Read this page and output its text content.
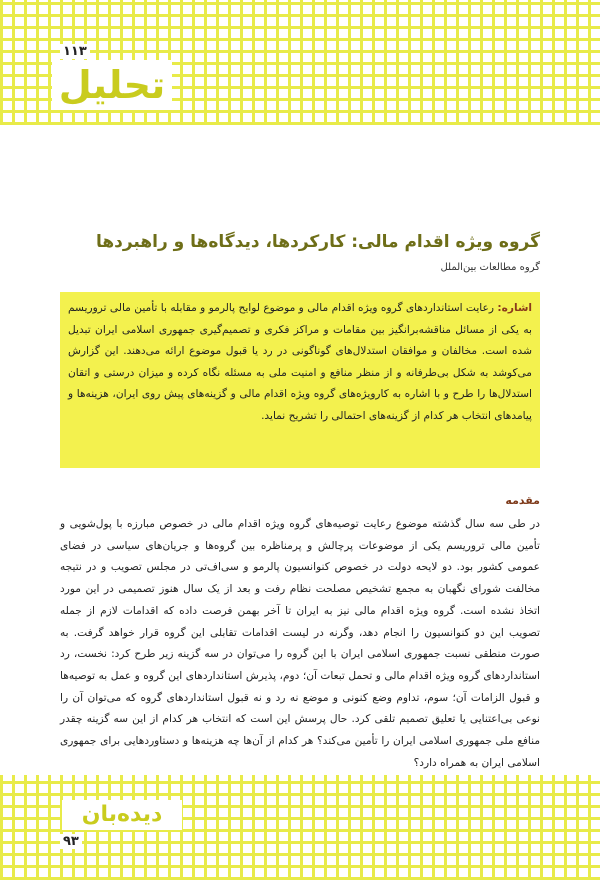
۱۱۳
تحلیل
گروه ویژه اقدام مالی: کارکردها، دیدگاه‌ها و راهبردها
گروه مطالعات بین‌الملل
اشاره: رعایت استانداردهای گروه ویژه اقدام مالی و موضوع لوایح پالرمو و مقابله با تأمین مالی تروریسم به یکی از مسائل مناقشه‌برانگیز بین مقامات و مراکز فکری و تصمیم‌گیری جمهوری اسلامی ایران تبدیل شده است. مخالفان و موافقان استدلال‌های گوناگونی در رد یا قبول موضوع ارائه می‌دهند. این گزارش می‌کوشد به شکل بی‌طرفانه و از منظر منافع و امنیت ملی به مسئله نگاه کرده و میزان درستی و اتقان استدلال‌ها را طرح و با اشاره به کارویژه‌های گروه ویژه اقدام مالی و گزینه‌های پیش روی ایران، هزینه‌ها و پیامدهای انتخاب هر کدام از گزینه‌های احتمالی را تشریح نماید.
مقدمه
در طی سه سال گذشته موضوع رعایت توصیه‌های گروه ویژه اقدام مالی در خصوص مبارزه با پول‌شویی و تأمین مالی تروریسم یکی از موضوعات پرچالش و پرمناظره بین گروه‌ها و جریان‌های سیاسی در فضای عمومی کشور بود. دو لایحه دولت در خصوص کنوانسیون پالرمو و سی‌اف‌تی در مجلس تصویب و در نتیجه مخالفت شورای نگهبان به مجمع تشخیص مصلحت نظام رفت و بعد از یک سال هنوز تصمیمی در این مورد اتخاذ نشده است. گروه ویژه اقدام مالی نیز به ایران تا آخر بهمن فرصت داده که اقدامات لازم از جمله تصویب این دو کنوانسیون را انجام دهد، وگرنه در لیست اقدامات تقابلی این گروه قرار خواهد گرفت. به صورت منطقی نسبت جمهوری اسلامی ایران با این گروه را می‌توان در سه گزینه زیر طرح کرد: نخست، رد استانداردهای گروه ویژه اقدام مالی و تحمل تبعات آن؛ دوم، پذیرش استانداردهای این گروه و عمل به توصیه‌ها و قبول الزامات آن؛ سوم، تداوم وضع کنونی و موضع نه رد و نه قبول استانداردهای گروه که می‌توان آن را نوعی بی‌اعتنایی یا تعلیق تصمیم تلقی کرد. حال پرسش این است که انتخاب هر کدام از این سه گزینه چقدر منافع ملی جمهوری اسلامی ایران را تأمین می‌کند؟ هر کدام از آن‌ها چه هزینه‌ها و دستاوردهایی برای جمهوری اسلامی ایران به همراه دارد؟
دیده‌بان
۹۳
